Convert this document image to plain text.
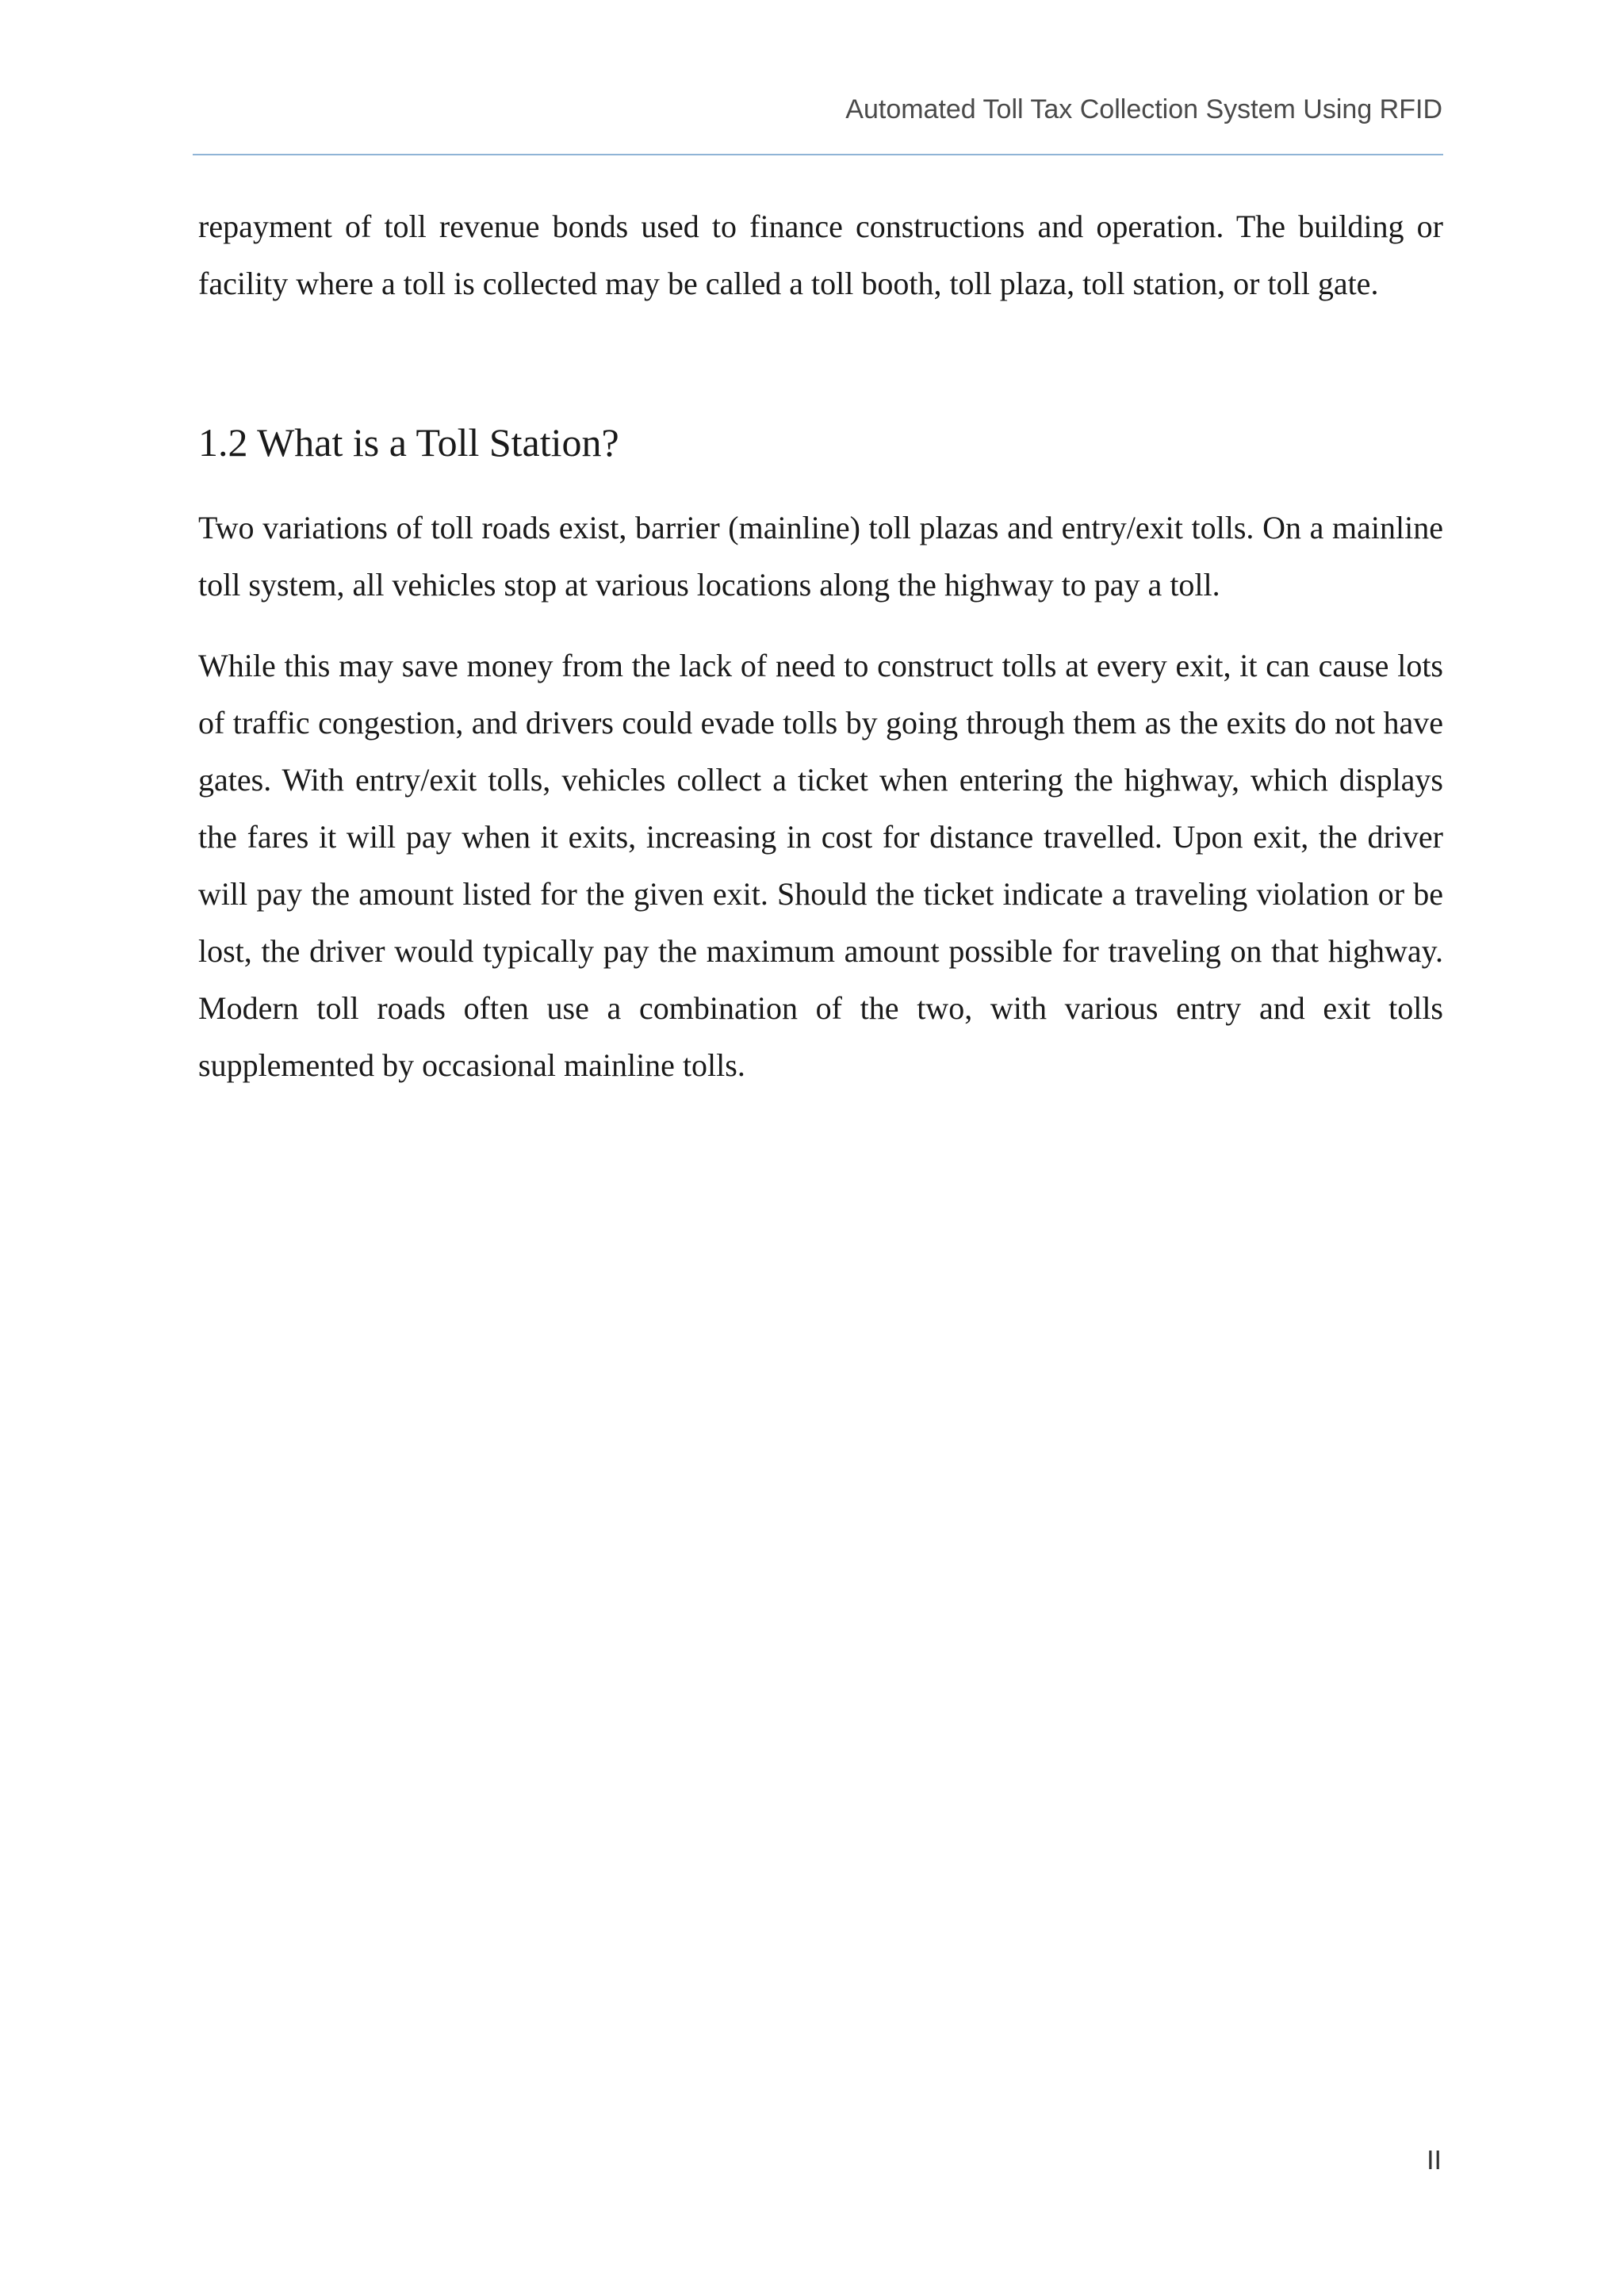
Automated Toll Tax Collection System Using RFID

repayment of toll revenue bonds used to finance constructions and operation. The building or facility where a toll is collected may be called a toll booth, toll plaza, toll station, or toll gate.

1.2 What is a Toll Station?

Two variations of toll roads exist, barrier (mainline) toll plazas and entry/exit tolls. On a mainline toll system, all vehicles stop at various locations along the highway to pay a toll.

While this may save money from the lack of need to construct tolls at every exit, it can cause lots of traffic congestion, and drivers could evade tolls by going through them as the exits do not have gates. With entry/exit tolls, vehicles collect a ticket when entering the highway, which displays the fares it will pay when it exits, increasing in cost for distance travelled. Upon exit, the driver will pay the amount listed for the given exit. Should the ticket indicate a traveling violation or be lost, the driver would typically pay the maximum amount possible for traveling on that highway. Modern toll roads often use a combination of the two, with various entry and exit tolls supplemented by occasional mainline tolls.

II
